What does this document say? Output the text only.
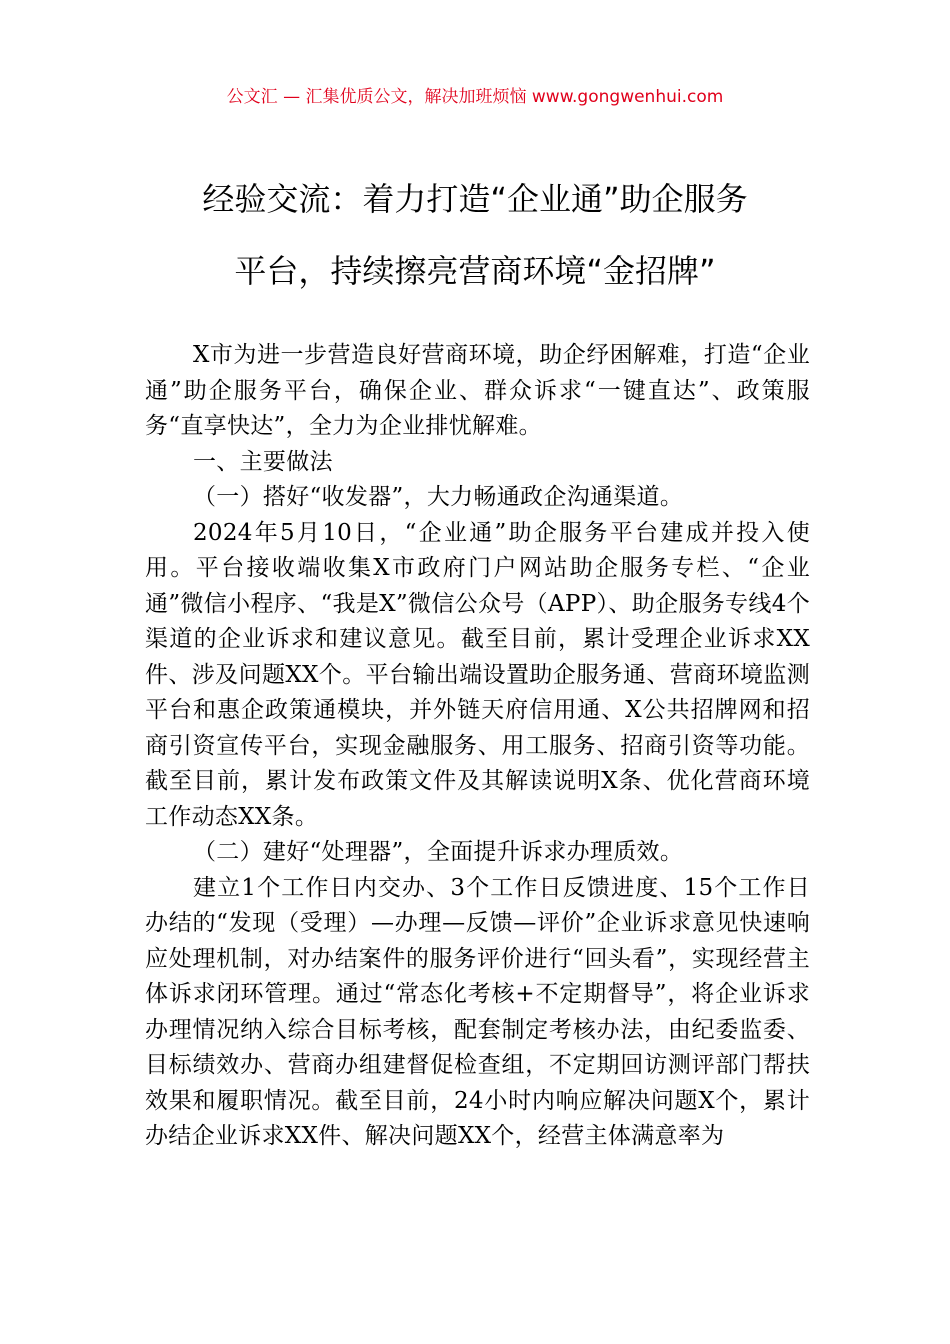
公文汇 — 汇集优质公文，解决加班烦恼 www.gongwenhui.com
经验交流：着力打造“企业通”助企服务
平台，持续擦亮营商环境“金招牌”

X市为进一步营造良好营商环境，助企纾困解难，打造“企业通”助企服务平台，确保企业、群众诉求“一键直达”、政策服务“直享快达”，全力为企业排忧解难。

一、主要做法

（一）搭好“收发器”，大力畅通政企沟通渠道。

2024年5月10日，“企业通”助企服务平台建成并投入使用。平台接收端收集X市政府门户网站助企服务专栏、“企业通”微信小程序、“我是X”微信公众号（APP）、助企服务专线4个渠道的企业诉求和建议意见。截至目前，累计受理企业诉求XX件、涉及问题XX个。平台输出端设置助企服务通、营商环境监测平台和惠企政策通模块，并外链天府信用通、X公共招牌网和招商引资宣传平台，实现金融服务、用工服务、招商引资等功能。截至目前，累计发布政策文件及其解读说明X条、优化营商环境工作动态XX条。

（二）建好“处理器”，全面提升诉求办理质效。

建立1个工作日内交办、3个工作日反馈进度、15个工作日办结的“发现（受理）—办理—反馈—评价”企业诉求意见快速响应处理机制，对办结案件的服务评价进行“回头看”，实现经营主体诉求闭环管理。通过“常态化考核+不定期督导”，将企业诉求办理情况纳入综合目标考核，配套制定考核办法，由纪委监委、目标绩效办、营商办组建督促检查组，不定期回访测评部门帮扶效果和履职情况。截至目前，24小时内响应解决问题X个，累计办结企业诉求XX件、解决问题XX个，经营主体满意率为
